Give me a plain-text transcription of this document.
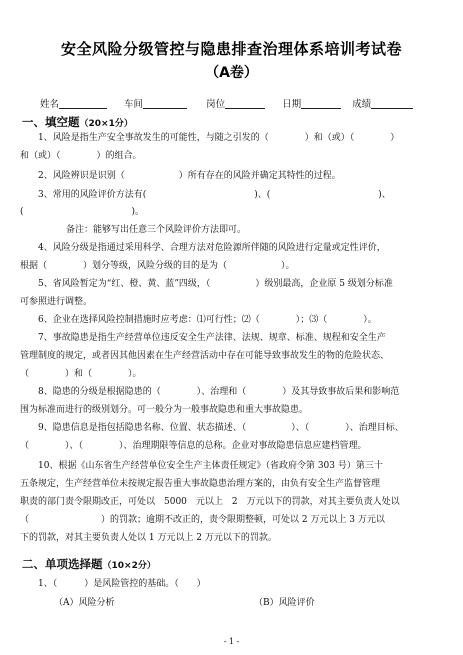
安全风险分级管控与隐患排查治理体系培训考试卷
（A卷）
姓名	车间	岗位	日期	成绩
一、填空题（20×1分）
1、风险是指生产安全事故发生的可能性，与随之引发的（　　　　）和（或）（　　　　）
和（或）（　　　　）的组合。
2、风险辨识是识别（　　　　　　）所有存在的风险并确定其特性的过程。
3、常用的风险评价方法有(　　　　　　　　　　　　)、(　　　　　　　　　　　　)、
(　　　　　　　　　　　　)。
备注：能够写出任意三个风险评价方法即可。
4、风险分级是指通过采用科学、合理方法对危险源所伴随的风险进行定量或定性评价，
根据（　　　　）划分等级，风险分级的目的是为（　　　　　　）。
5、省风险暂定为“红、橙、黄、蓝”四级，（　　　　　）级别最高，企业原 5 级划分标准
可参照进行调整。
6、企业在选择风险控制措施时应考虑：⑴可行性；⑵（　　　　）；⑶（　　　　）。
7、事故隐患是指生产经营单位违反安全生产法律、法规、规章、标准、规程和安全生产
管理制度的规定，或者因其他因素在生产经营活动中存在可能导致事故发生的物的危险状态、
（　　　　）和（　　　　）。
8、隐患的分级是根据隐患的（　　　　）、治理和（　　　　）及其导致事故后果和影响范
围为标准而进行的级别划分。可一般分为一般事故隐患和重大事故隐患。
9、隐患信息是指包括隐患名称、位置、状态描述、（　　　　　）、（　　　　）、治理目标、
（　　　　）、（　　　　）、治理期限等信息的总称。企业对事故隐患信息应建档管理。
10、根据《山东省生产经营单位安全生产主体责任规定》（省政府令第 303 号）第三十
五条规定，生产经营单位未按规定报告重大事故隐患治理方案的，由负有安全生产监督管理
职责的部门责令限期改正，可处以　5000　元以上　2　万元以下的罚款，对其主要负责人处以
（　　　　　　　　）的罚款；逾期不改正的，责令限期整顿，可处以 2 万元以上 3 万元以
下的罚款，对其主要负责人处以 1 万元以上 2 万元以下的罚款。
二、单项选择题（10×2分）
1、（　　　）是风险管控的基础。（　　）
（A）风险分析	（B）风险评价
- 1 -
